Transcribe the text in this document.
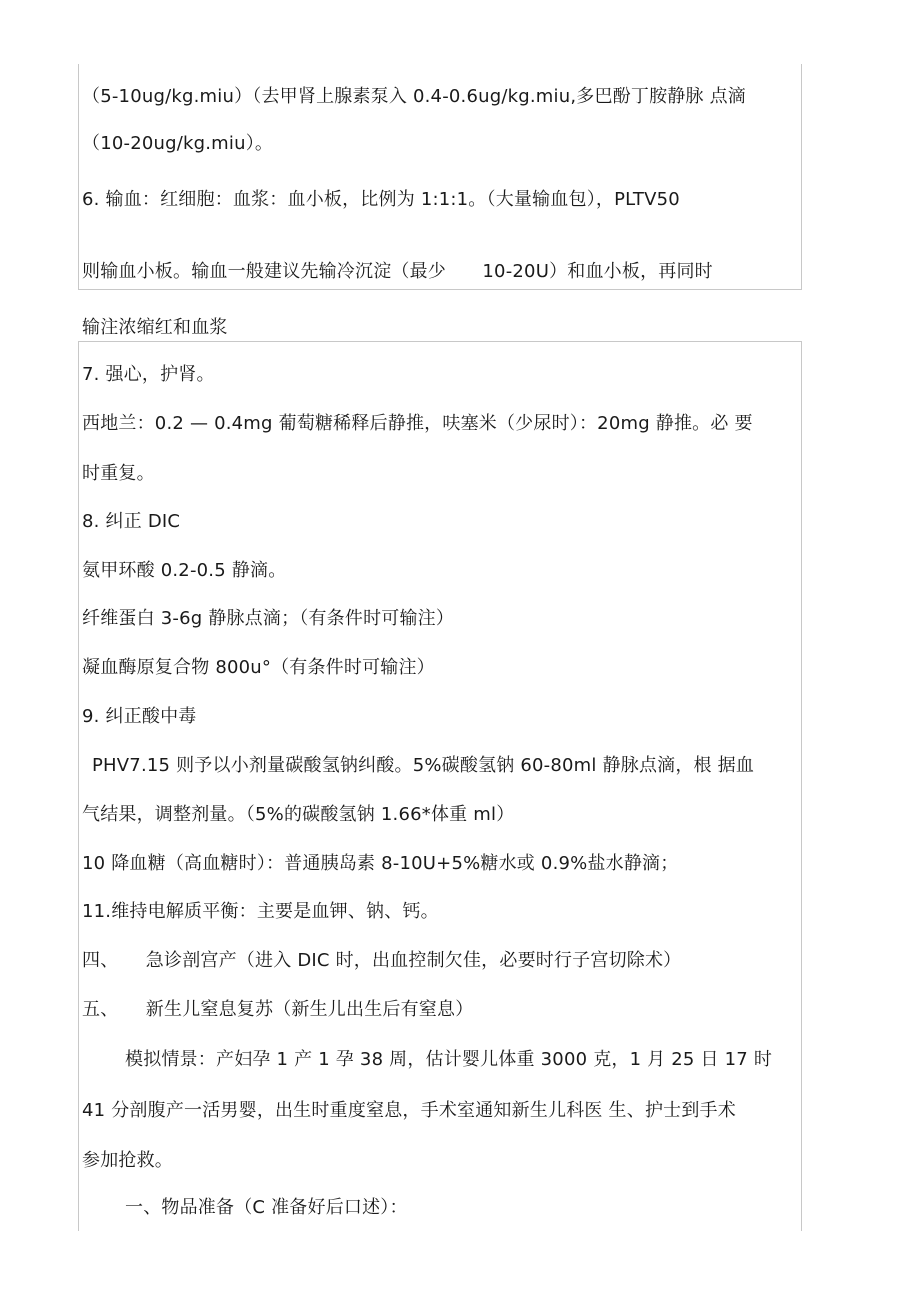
（5-10ug/kg.miu）（去甲肾上腺素泵入 0.4-0.6ug/kg.miu,多巴酚丁胺静脉 点滴
（10-20ug/kg.miu）。
6. 输血：红细胞：血浆：血小板，比例为 1:1:1。（大量输血包），PLTV50
则输血小板。输血一般建议先输冷沉淀（最少　　10-20U）和血小板，再同时
输注浓缩红和血浆
7. 强心，护肾。
西地兰：0.2 — 0.4mg 葡萄糖稀释后静推，呋塞米（少尿时）：20mg 静推。必 要
时重复。
8. 纠正 DIC
氨甲环酸 0.2-0.5 静滴。
纤维蛋白 3-6g 静脉点滴；（有条件时可输注）
凝血酶原复合物 800u°（有条件时可输注）
9. 纠正酸中毒
PHV7.15 则予以小剂量碳酸氢钠纠酸。5%碳酸氢钠 60-80ml 静脉点滴，根 据血
气结果，调整剂量。（5%的碳酸氢钠 1.66*体重 ml）
10 降血糖（高血糖时）：普通胰岛素 8-10U+5%糖水或 0.9%盐水静滴；
11.维持电解质平衡：主要是血钾、钠、钙。
四、　　急诊剖宫产（进入 DIC 时，出血控制欠佳，必要时行子宫切除术）
五、　　新生儿窒息复苏（新生儿出生后有窒息）
模拟情景：产妇孕 1 产 1 孕 38 周，估计婴儿体重 3000 克，1 月 25 日 17 时
41 分剖腹产一活男婴，出生时重度窒息，手术室通知新生儿科医 生、护士到手术
参加抢救。
一、物品准备（C 准备好后口述）：
